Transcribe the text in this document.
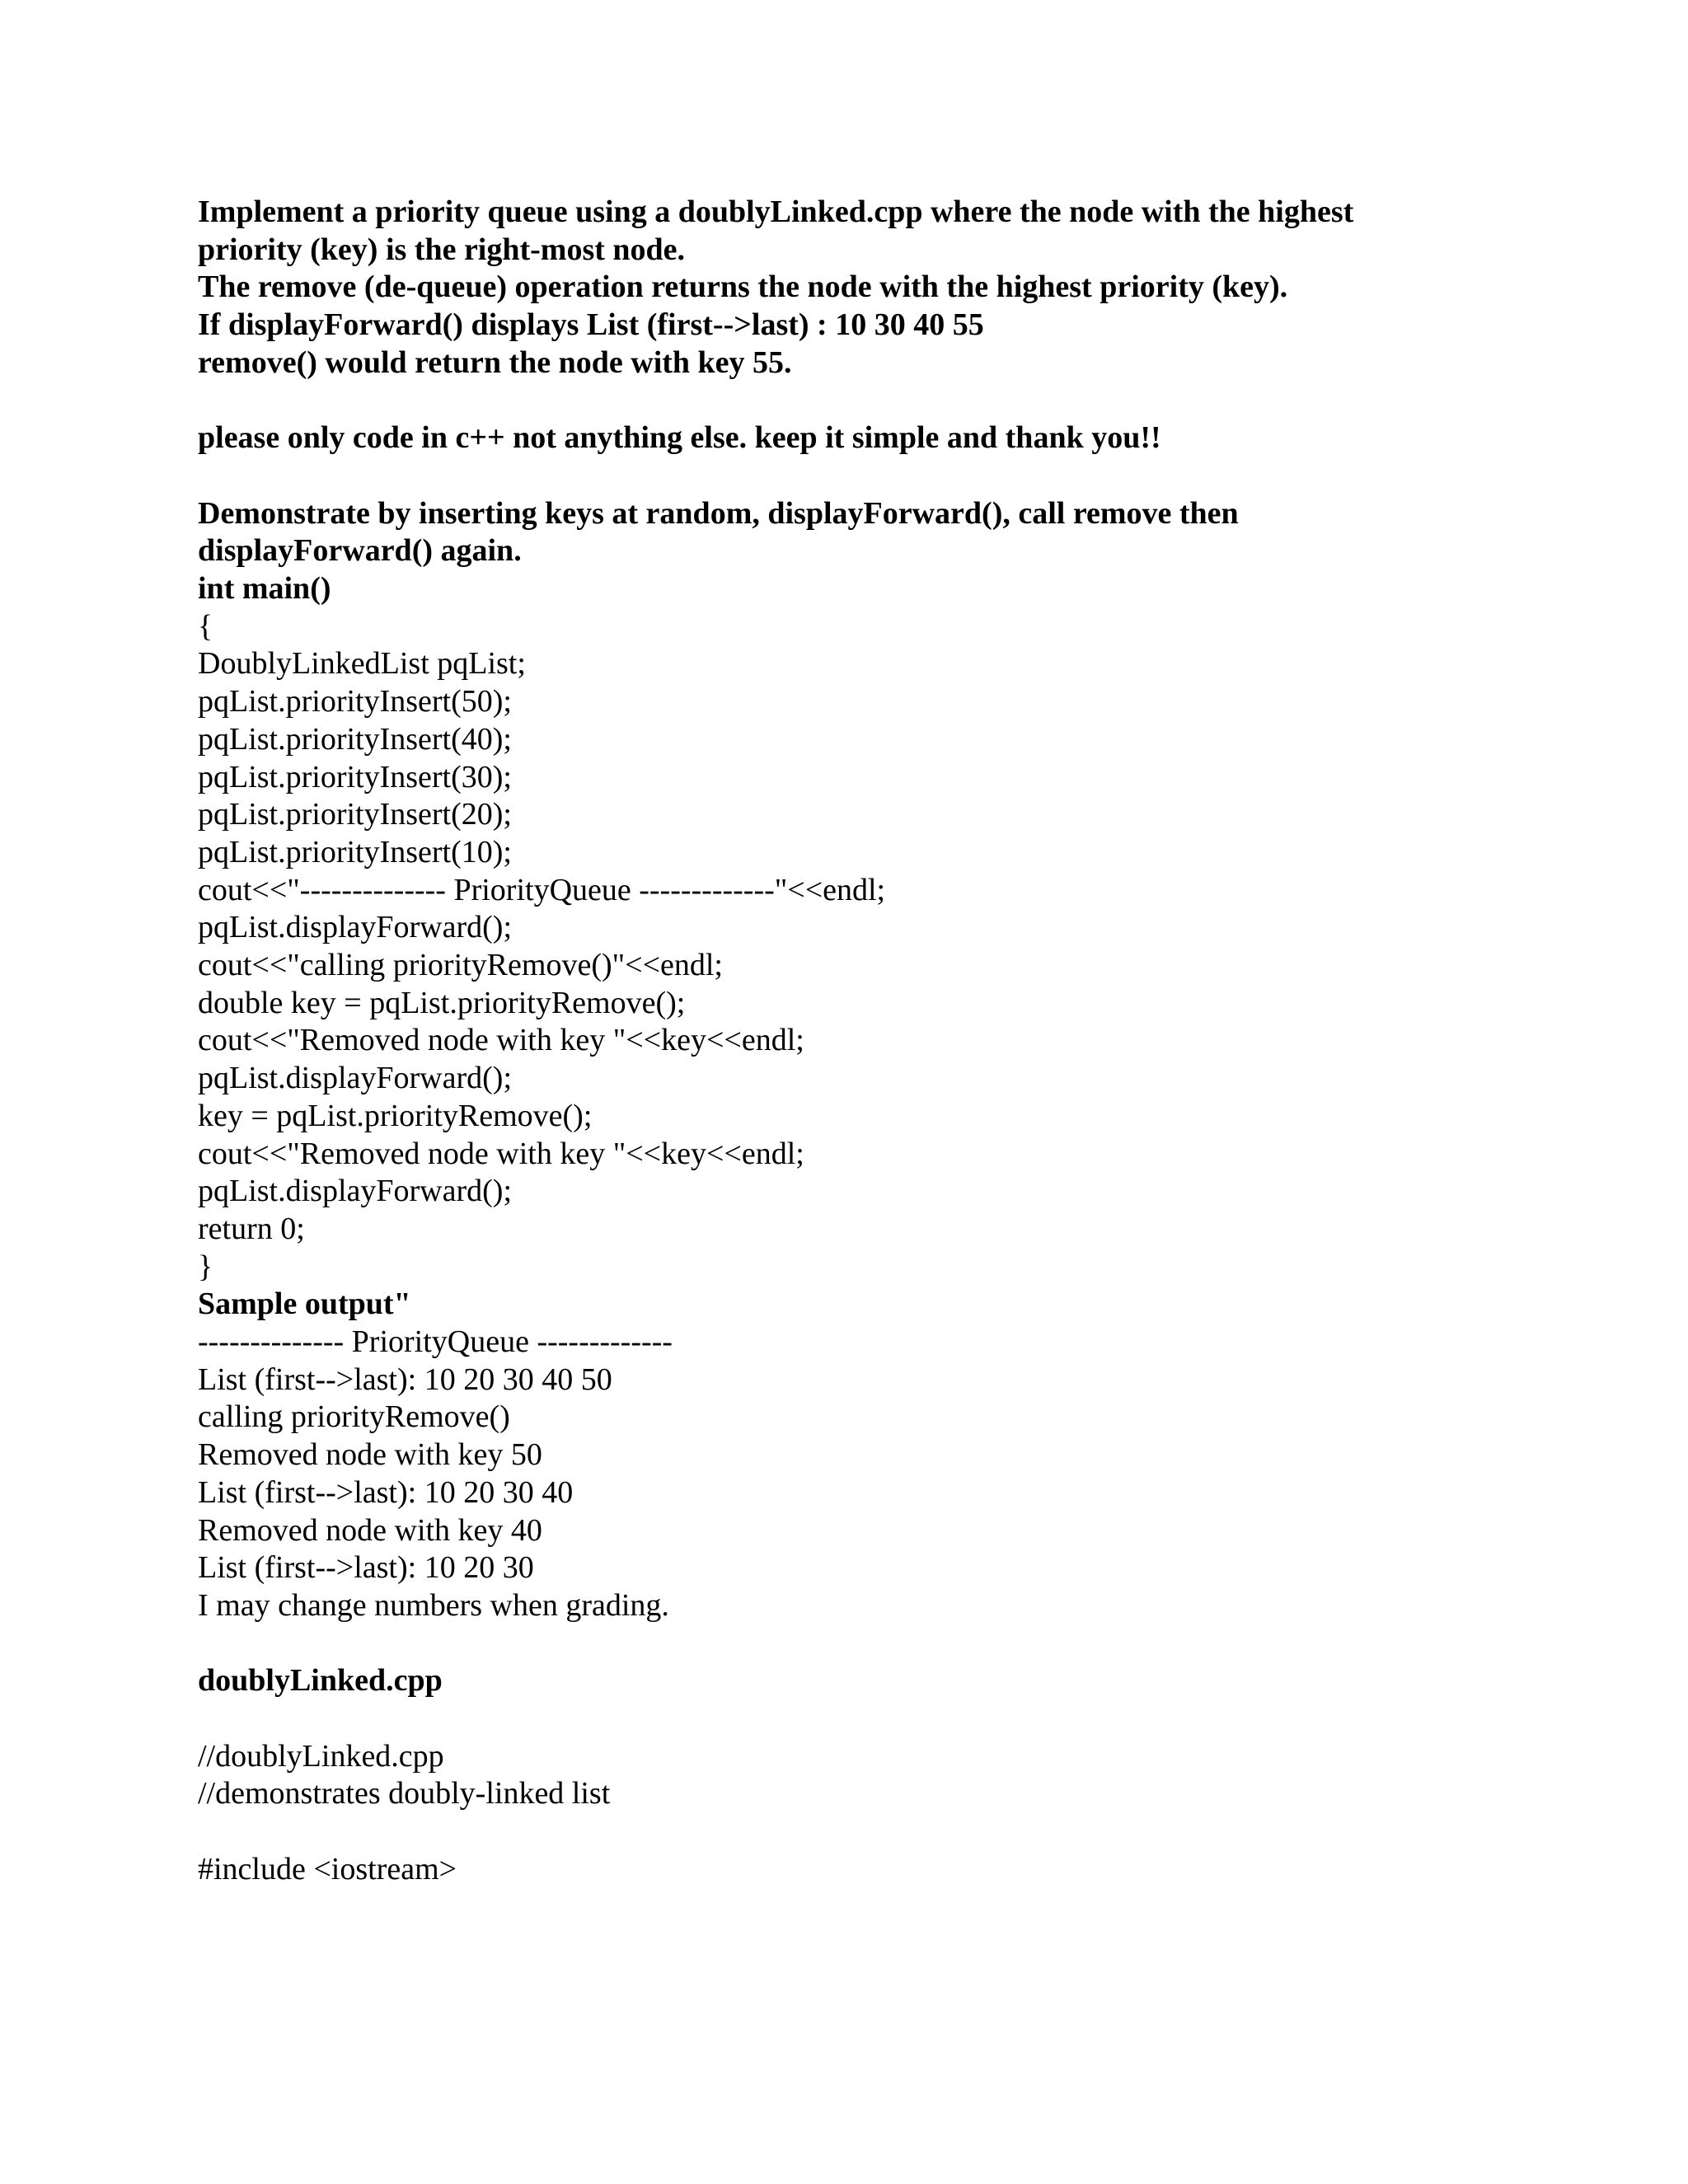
Implement a priority queue using a doublyLinked.cpp where the node with the highest
priority (key) is the right-most node.
The remove (de-queue) operation returns the node with the highest priority (key).
If displayForward() displays List (first-->last) : 10 30 40 55
remove() would return the node with key 55.
please only code in c++ not anything else. keep it simple and thank you!!
Demonstrate by inserting keys at random, displayForward(), call remove then
displayForward() again.
int main()
{
DoublyLinkedList pqList;
pqList.priorityInsert(50);
pqList.priorityInsert(40);
pqList.priorityInsert(30);
pqList.priorityInsert(20);
pqList.priorityInsert(10);
cout<<"-------------- PriorityQueue -------------"<<endl;
pqList.displayForward();
cout<<"calling priorityRemove()"<<endl;
double key = pqList.priorityRemove();
cout<<"Removed node with key "<<key<<endl;
pqList.displayForward();
key = pqList.priorityRemove();
cout<<"Removed node with key "<<key<<endl;
pqList.displayForward();
return 0;
}
Sample output"
-------------- PriorityQueue -------------
List (first-->last): 10 20 30 40 50
calling priorityRemove()
Removed node with key 50
List (first-->last): 10 20 30 40
Removed node with key 40
List (first-->last): 10 20 30
I may change numbers when grading.
doublyLinked.cpp
//doublyLinked.cpp
//demonstrates doubly-linked list
#include <iostream>
